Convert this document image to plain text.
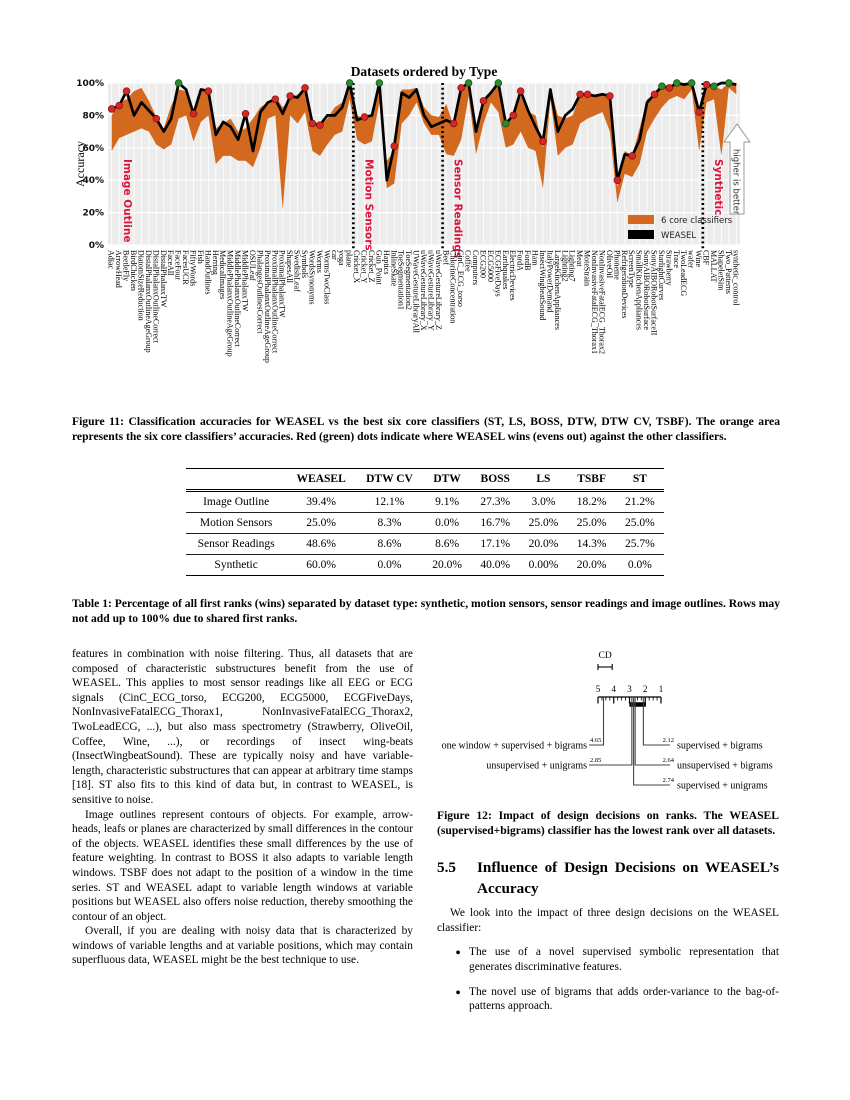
Image Outline	Motion Sensors	Sensor Readings	Synthetic
0%
20%
40%
60%
80%
100%
Adiac
ArrowHead
BeetleFly
BirdChicken
DiatomSizeReduction
DistalPhalanxOutlineAgeGroup
DistalPhalanxOutlineCorrect
DistalPhalanxTW
FaceAll
FaceFour
FacesUCR
FiftyWords
Fish
HandOutlines
Herring
MedicalImages
MiddlePhalanxOutlineAgeGroup
MiddlePhalanxOutlineCorrect
MiddlePhalanxTW
OSULeaf
PhalangesOutlinesCorrect
ProximalPhalanxOutlineAgeGroup
ProximalPhalanxOutlineCorrect
ProximalPhalanxTW
ShapesAll
SwedishLeaf
Symbols
WordsSynonyms
Worms
WormsTwoClass
car
yoga
plane
Cricket_X
Cricket_Y
Cricket_Z
Gun_Point
Haptics
InlineSkate
ToeSegmentation1
ToeSegmentation2
UWaveGestureLibraryAll
uWaveGestureLibrary_X
uWaveGestureLibrary_Y
uWaveGestureLibrary_Z
Beef
ChlorineConcentration
CinC_ECG_torso
Coffee
Computers
ECG200
ECG5000
ECGFiveDays
Earthquakes
ElectricDevices
FordA
FordB
Ham
InsectWingbeatSound
ItalyPowerDemand
LargeKitchenAppliances
Lighting2
Lighting7
Meat
MoteStrain
NonInvasiveFatalECG_Thorax1
NonInvasiveFatalECG_Thorax2
OliveOil
Phoneme
RefrigerationDevices
ScreenType
SmallKitchenAppliances
SonyAIBORobotSurface
SonyAIBORobotSurfaceII
StarlightCurves
Strawberry
Trace
TwoLeadECG
wafer
Wine
CBF
MALLAT
ShapeletSim
Two_Patterns
synthetic_control
Datasets ordered by Type
Accuracy
6 core classifiers
WEASEL
higher is better
Figure 11: Classification accuracies for WEASEL vs the best six core classifiers (ST, LS, BOSS, DTW, DTW CV, TSBF). The orange area represents the six core classifiers’ accuracies. Red (green) dots indicate where WEASEL wins (evens out) against the other classifiers.
	WEASEL	DTW CV	DTW	BOSS	LS	TSBF	ST
Image Outline	39.4%	12.1%	9.1%	27.3%	3.0%	18.2%	21.2%
Motion Sensors	25.0%	8.3%	0.0%	16.7%	25.0%	25.0%	25.0%
Sensor Readings	48.6%	8.6%	8.6%	17.1%	20.0%	14.3%	25.7%
Synthetic	60.0%	0.0%	20.0%	40.0%	0.00%	20.0%	0.0%
Table 1: Percentage of all first ranks (wins) separated by dataset type: synthetic, motion sensors, sensor readings and image outlines. Rows may not add up to 100% due to shared first ranks.

features in combination with noise filtering. Thus, all datasets that are composed of characteristic substructures benefit from the use of WEASEL. This applies to most sensor readings like all EEG or ECG signals (CinC_ECG_torso, ECG200, ECG5000, ECGFiveDays, NonInvasiveFatalECG_Thorax1, NonInvasiveFatalECG_Thorax2, TwoLeadECG, ...), but also mass spectrometry (Strawberry, OliveOil, Coffee, Wine, ...), or recordings of insect wing-beats (InsectWingbeatSound). These are typically noisy and have variable-length, characteristic substructures that can appear at arbitrary time stamps [18]. ST also fits to this kind of data but, in contrast to WEASEL, is sensitive to noise.

Image outlines represent contours of objects. For example, arrow-heads, leafs or planes are characterized by small differences in the contour of the objects. WEASEL identifies these small differences by the use of feature weighting. In contrast to BOSS it also adapts to variable length windows. TSBF does not adapt to the position of a window in the time series. ST and WEASEL adapt to variable length windows at variable positions but WEASEL also offers noise reduction, thereby smoothing the contour of an object.

Overall, if you are dealing with noisy data that is characterized by windows of variable lengths and at variable positions, which may contain superfluous data, WEASEL might be the best technique to use.

CD
5 4 3 2 1
one window + supervised + bigrams 4.65
unsupervised + unigrams 2.85
supervised + bigrams
2.12
unsupervised + bigrams
2.64
supervised + unigrams
2.74
Figure 12: Impact of design decisions on ranks. The WEASEL (supervised+bigrams) classifier has the lowest rank over all datasets.
5.5	Influence of Design Decisions on WEASEL’s Accuracy

We look into the impact of three design decisions on the WEASEL classifier:

• The use of a novel supervised symbolic representation that generates discriminative features.
• The novel use of bigrams that adds order-variance to the bag-of-patterns approach.
